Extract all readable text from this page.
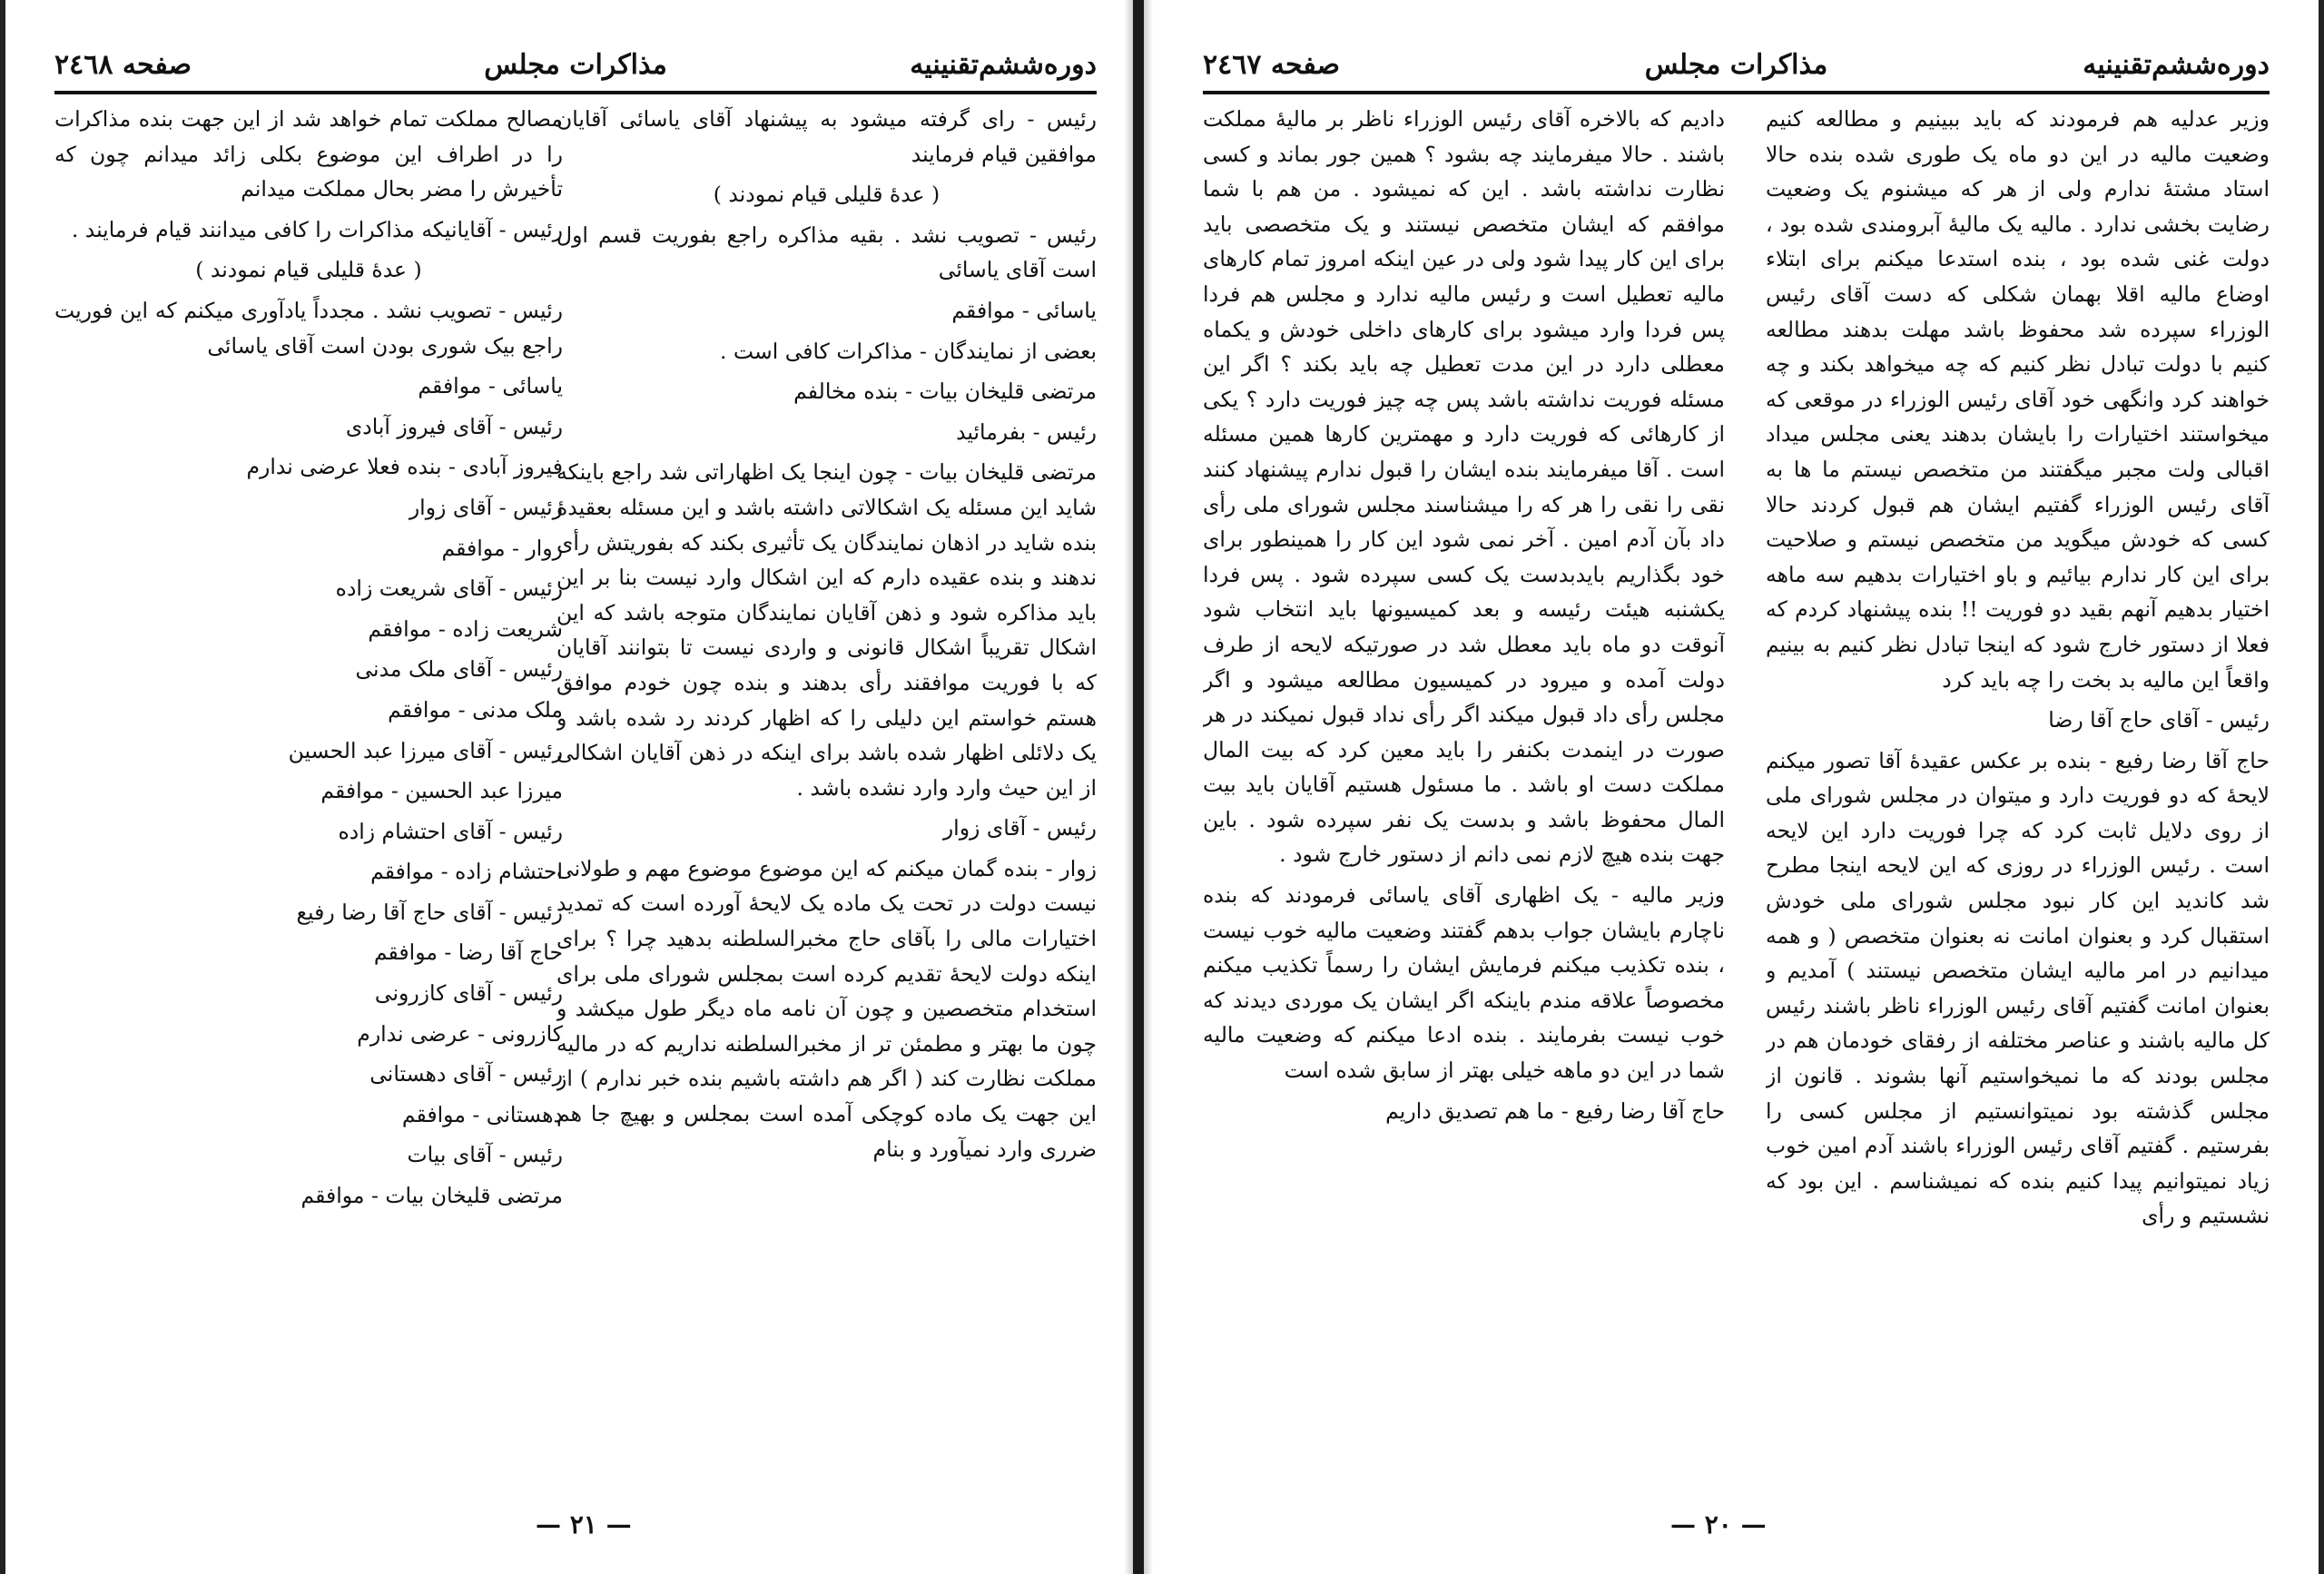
دوره‌ششم‌تقنینیه
مذاکرات مجلس
صفحه ۲٤٦٨

رئیس - رای گرفته میشود به پیشنهاد آقای یاسائی آقایان موافقین قیام فرمایند

( عدهٔ قلیلی قیام نمودند )

رئیس - تصویب نشد . بقیه مذاکره راجع بفوریت قسم اول است آقای یاسائی

یاسائی - موافقم

بعضی از نمایندگان - مذاکرات کافی است .

مرتضی قلیخان بیات - بنده مخالفم

رئیس - بفرمائید

مرتضی قلیخان بیات - چون اینجا یک اظهاراتی شد راجع باینکه شاید این مسئله یک اشکالاتی داشته باشد و این مسئله بعقیدهٔ بنده شاید در اذهان نمایندگان یک تأثیری بکند که بفوریتش رأی ندهند و بنده عقیده دارم که این اشکال وارد نیست بنا بر این باید مذاکره شود و ذهن آقایان نمایندگان متوجه باشد که این اشکال تقریباً اشکال قانونی و واردی نیست تا بتوانند آقایان که با فوریت موافقند رأی بدهند و بنده چون خودم موافق هستم خواستم این دلیلی را که اظهار کردند رد شده باشد و یک دلائلی اظهار شده باشد برای اینکه در ذهن آقایان اشکالی از این حیث وارد وارد نشده باشد .

رئیس - آقای زوار

زوار - بنده گمان میکنم که این موضوع موضوع مهم و طولانی نیست دولت در تحت یک ماده یک لایحهٔ آورده است که تمدید اختیارات مالی را بآقای حاج مخبرالسلطنه بدهید چرا ؟ برای اینکه دولت لایحهٔ تقدیم کرده است بمجلس شورای ملی برای استخدام متخصصین و چون آن نامه ماه دیگر طول میکشد و چون ما بهتر و مطمئن تر از مخبرالسلطنه نداریم که در مالیه مملکت نظارت کند ( اگر هم داشته باشیم بنده خبر ندارم ) از این جهت یک ماده کوچکی آمده است بمجلس و بهیچ جا هم ضرری وارد نمیآورد و بنام

مصالح مملکت تمام خواهد شد از این جهت بنده مذاکرات را در اطراف این موضوع بکلی زائد میدانم چون که تأخیرش را مضر بحال مملکت میدانم

رئیس - آقایانیکه مذاکرات را کافی میدانند قیام فرمایند .

( عدهٔ قلیلی قیام نمودند )

رئیس - تصویب نشد . مجدداً یادآوری میکنم که این فوریت راجع بیک شوری بودن است آقای یاسائی

یاسائی - موافقم

رئیس - آقای فیروز آبادی

فیروز آبادی - بنده فعلا عرضی ندارم

رئیس - آقای زوار

زوار - موافقم

رئیس - آقای شریعت زاده

شریعت زاده - موافقم

رئیس - آقای ملک مدنی

ملک مدنی - موافقم

رئیس - آقای میرزا عبد الحسین

میرزا عبد الحسین - موافقم

رئیس - آقای احتشام زاده

احتشام زاده - موافقم

رئیس - آقای حاج آقا رضا رفیع

حاج آقا رضا - موافقم

رئیس - آقای کازرونی

کازرونی - عرضی ندارم

رئیس - آقای دهستانی

دهستانی - موافقم

رئیس - آقای بیات

مرتضی قلیخان بیات - موافقم

— ۲۱ —
دوره‌ششم‌تقنینیه
مذاکرات مجلس
صفحه ۲٤٦۷

وزیر عدلیه هم فرمودند که باید ببینیم و مطالعه کنیم وضعیت مالیه در این دو ماه یک طوری شده بنده حالا استاد مشتهٔ ندارم ولی از هر که میشنوم یک وضعیت رضایت بخشی ندارد . مالیه یک مالیهٔ آبرومندی شده بود ، دولت غنی شده بود ، بنده استدعا میکنم برای ابتلاء اوضاع مالیه اقلا بهمان شکلی که دست آقای رئیس الوزراء سپرده شد محفوظ باشد مهلت بدهند مطالعه کنیم با دولت تبادل نظر کنیم که چه میخواهد بکند و چه خواهند کرد وانگهی خود آقای رئیس الوزراء در موقعی که میخواستند اختیارات را بایشان بدهند یعنی مجلس میداد اقبالی ولت مجبر میگفتند من متخصص نیستم ما ها به آقای رئیس الوزراء گفتیم ایشان هم قبول کردند حالا کسی که خودش میگوید من متخصص نیستم و صلاحیت برای این کار ندارم بیائیم و باو اختیارات بدهیم سه ماهه اختیار بدهیم آنهم بقید دو فوریت !! بنده پیشنهاد کردم که فعلا از دستور خارج شود که اینجا تبادل نظر کنیم به بینیم واقعاً این مالیه بد بخت را چه باید کرد

رئیس - آقای حاج آقا رضا

حاج آقا رضا رفیع - بنده بر عکس عقیدهٔ آقا تصور میکنم لایحهٔ که دو فوریت دارد و میتوان در مجلس شورای ملی از روی دلایل ثابت کرد که چرا فوریت دارد این لایحه است . رئیس الوزراء در روزی که این لایحه اینجا مطرح شد کاندید این کار نبود مجلس شورای ملی خودش استقبال کرد و بعنوان امانت نه بعنوان متخصص ( و همه میدانیم در امر مالیه ایشان متخصص نیستند ) آمدیم و بعنوان امانت گفتیم آقای رئیس الوزراء ناظر باشند رئیس کل مالیه باشند و عناصر مختلفه از رفقای خودمان هم در مجلس بودند که ما نمیخواستیم آنها بشوند . قانون از مجلس گذشته بود نمیتوانستیم از مجلس کسی را بفرستیم . گفتیم آقای رئیس الوزراء باشند آدم امین خوب زیاد نمیتوانیم پیدا کنیم بنده که نمیشناسم . این بود که نشستیم و رأی

دادیم که بالاخره آقای رئیس الوزراء ناظر بر مالیهٔ مملکت باشند . حالا میفرمایند چه بشود ؟ همین جور بماند و کسی نظارت نداشته باشد . این که نمیشود . من هم با شما موافقم که ایشان متخصص نیستند و یک متخصصی باید برای این کار پیدا شود ولی در عین اینکه امروز تمام کارهای مالیه تعطیل است و رئیس مالیه ندارد و مجلس هم فردا پس فردا وارد میشود برای کارهای داخلی خودش و یکماه معطلی دارد در این مدت تعطیل چه باید بکند ؟ اگر این مسئله فوریت نداشته باشد پس چه چیز فوریت دارد ؟ یکی از کارهائی که فوریت دارد و مهمترین کارها همین مسئله است . آقا میفرمایند بنده ایشان را قبول ندارم پیشنهاد کنند نقی را نقی را هر که را میشناسند مجلس شورای ملی رأی داد بآن آدم امین . آخر نمی شود این کار را همینطور برای خود بگذاریم بایدبدست یک کسی سپرده شود . پس فردا یکشنبه هیئت رئیسه و بعد کمیسیونها باید انتخاب شود آنوقت دو ماه باید معطل شد در صورتیکه لایحه از طرف دولت آمده و میرود در کمیسیون مطالعه میشود و اگر مجلس رأی داد قبول میکند اگر رأی نداد قبول نمیکند در هر صورت در اینمدت بکنفر را باید معین کرد که بیت المال مملکت دست او باشد . ما مسئول هستیم آقایان باید بیت المال محفوظ باشد و بدست یک نفر سپرده شود . باین جهت بنده هیچ لازم نمی دانم از دستور خارج شود .

وزیر مالیه - یک اظهاری آقای یاسائی فرمودند که بنده ناچارم بایشان جواب بدهم گفتند وضعیت مالیه خوب نیست ، بنده تکذیب میکنم فرمایش ایشان را رسماً تکذیب میکنم مخصوصاً علاقه مندم باینکه اگر ایشان یک موردی دیدند که خوب نیست بفرمایند . بنده ادعا میکنم که وضعیت مالیه شما در این دو ماهه خیلی بهتر از سابق شده است

حاج آقا رضا رفیع - ما هم تصدیق داریم

— ۲۰ —
